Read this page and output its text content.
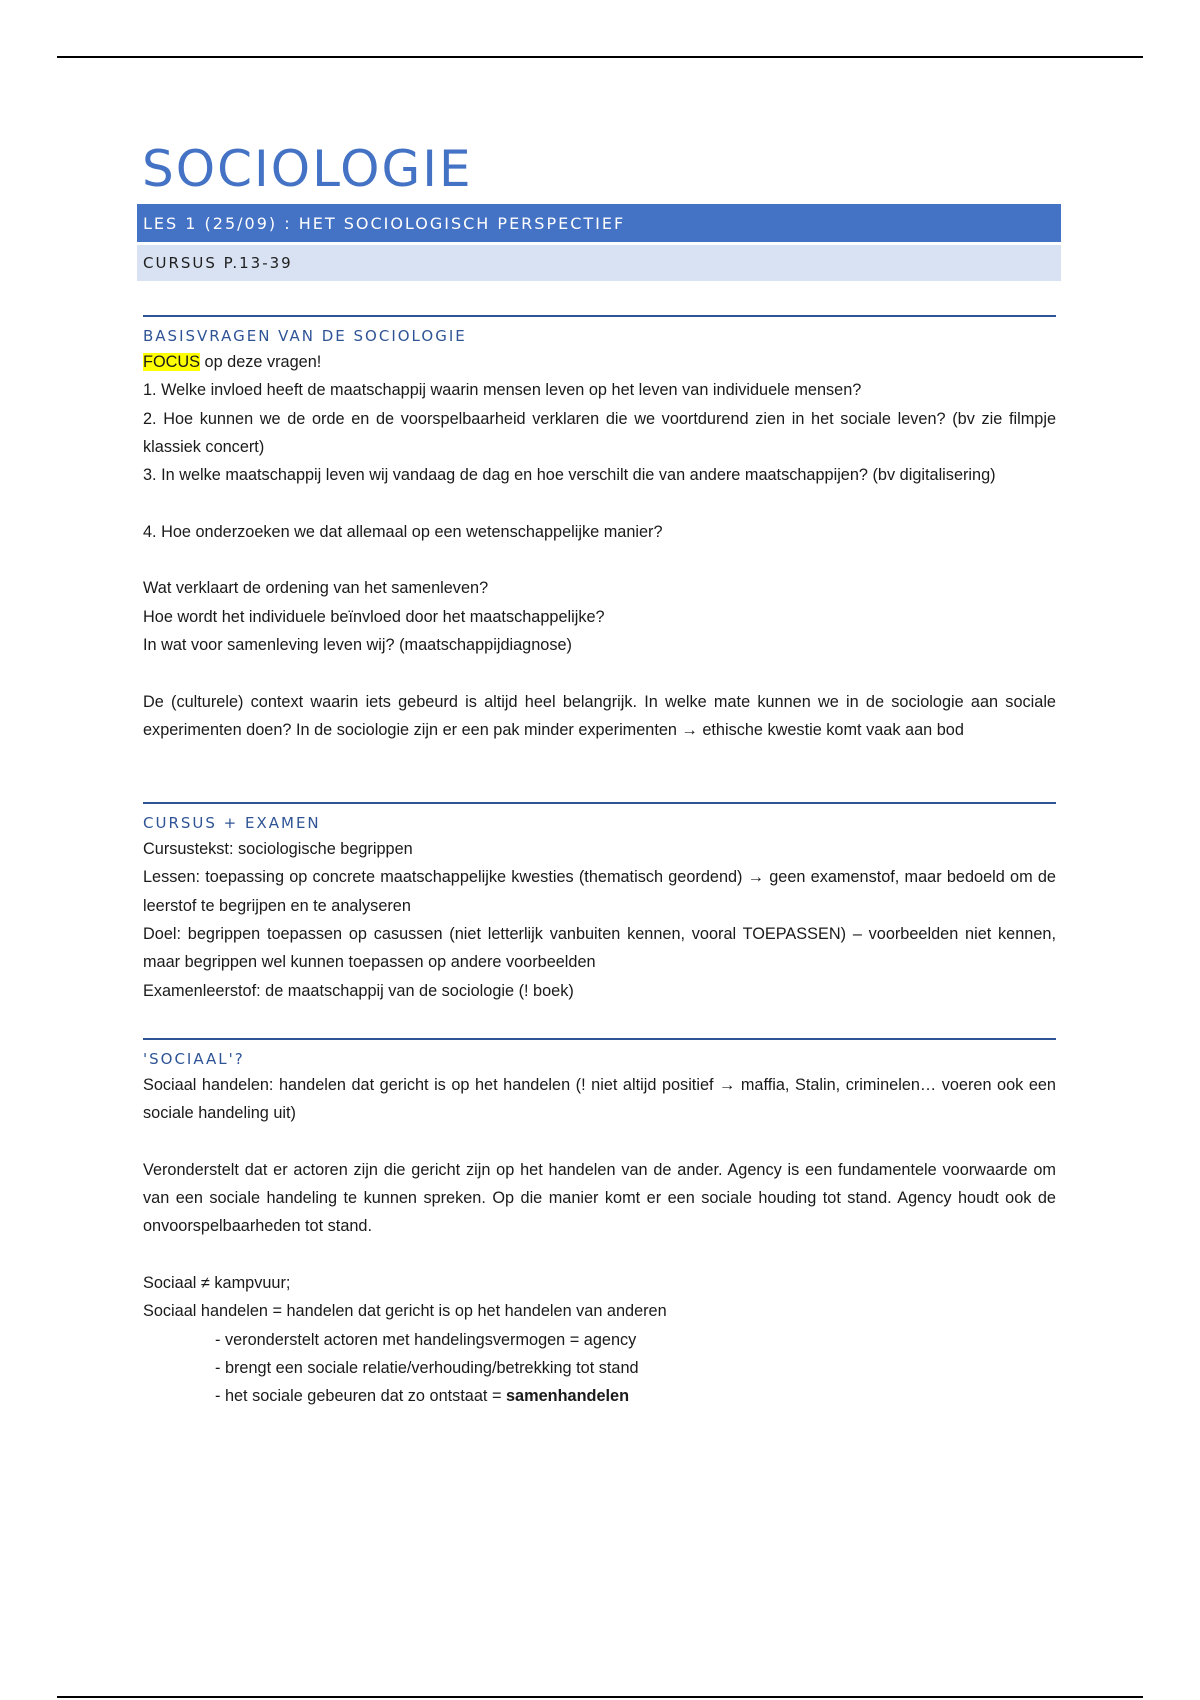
SOCIOLOGIE
LES 1 (25/09) : HET SOCIOLOGISCH PERSPECTIEF
CURSUS P.13-39
BASISVRAGEN VAN DE SOCIOLOGIE

FOCUS op deze vragen!

1. Welke invloed heeft de maatschappij waarin mensen leven op het leven van individuele mensen?

2. Hoe kunnen we de orde en de voorspelbaarheid verklaren die we voortdurend zien in het sociale leven? (bv zie filmpje klassiek concert)

3. In welke maatschappij leven wij vandaag de dag en hoe verschilt die van andere maatschappijen? (bv digitalisering)

4. Hoe onderzoeken we dat allemaal op een wetenschappelijke manier?

Wat verklaart de ordening van het samenleven?

Hoe wordt het individuele beïnvloed door het maatschappelijke?

In wat voor samenleving leven wij? (maatschappijdiagnose)

De (culturele) context waarin iets gebeurd is altijd heel belangrijk. In welke mate kunnen we in de sociologie aan sociale experimenten doen? In de sociologie zijn er een pak minder experimenten → ethische kwestie komt vaak aan bod

CURSUS + EXAMEN

Cursustekst: sociologische begrippen

Lessen: toepassing op concrete maatschappelijke kwesties (thematisch geordend) → geen examenstof, maar bedoeld om de leerstof te begrijpen en te analyseren

Doel: begrippen toepassen op casussen (niet letterlijk vanbuiten kennen, vooral TOEPASSEN) – voorbeelden niet kennen, maar begrippen wel kunnen toepassen op andere voorbeelden

Examenleerstof: de maatschappij van de sociologie (! boek)

'SOCIAAL'?

Sociaal handelen: handelen dat gericht is op het handelen (! niet altijd positief → maffia, Stalin, criminelen… voeren ook een sociale handeling uit)

Veronderstelt dat er actoren zijn die gericht zijn op het handelen van de ander. Agency is een fundamentele voorwaarde om van een sociale handeling te kunnen spreken. Op die manier komt er een sociale houding tot stand. Agency houdt ook de onvoorspelbaarheden tot stand.

Sociaal ≠ kampvuur;

Sociaal handelen = handelen dat gericht is op het handelen van anderen

- veronderstelt actoren met handelingsvermogen = agency

- brengt een sociale relatie/verhouding/betrekking tot stand

- het sociale gebeuren dat zo ontstaat = samenhandelen
